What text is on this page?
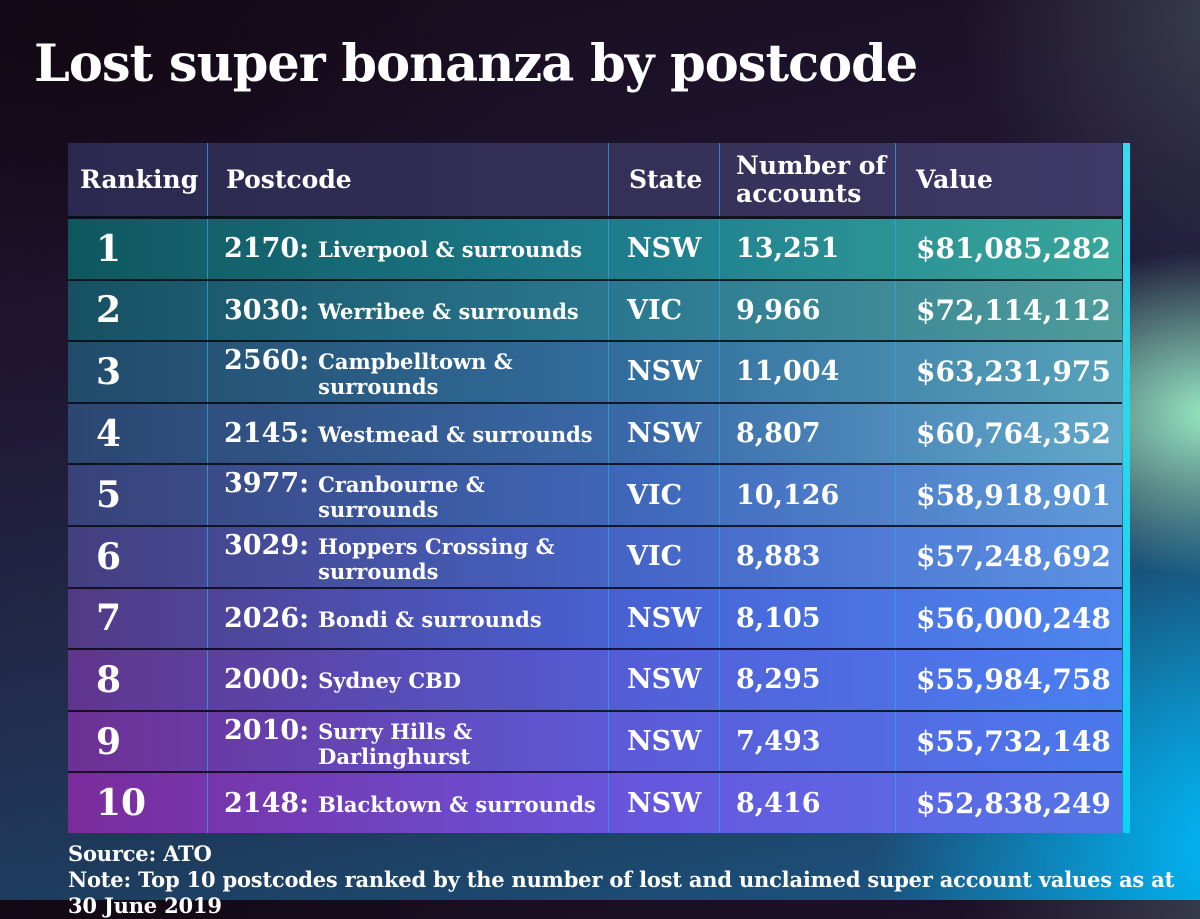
Lost super bonanza by postcode
Ranking	Postcode	State	Number of accounts	Value
1	2170: Liverpool & surrounds	NSW	13,251	$81,085,282
2	3030: Werribee & surrounds	VIC	9,966	$72,114,112
3	2560: Campbelltown & surrounds	NSW	11,004	$63,231,975
4	2145: Westmead & surrounds	NSW	8,807	$60,764,352
5	3977: Cranbourne & surrounds	VIC	10,126	$58,918,901
6	3029: Hoppers Crossing & surrounds	VIC	8,883	$57,248,692
7	2026: Bondi & surrounds	NSW	8,105	$56,000,248
8	2000: Sydney CBD	NSW	8,295	$55,984,758
9	2010: Surry Hills & Darlinghurst	NSW	7,493	$55,732,148
10	2148: Blacktown & surrounds	NSW	8,416	$52,838,249
Source: ATO
Note: Top 10 postcodes ranked by the number of lost and unclaimed super account values as at 30 June 2019
